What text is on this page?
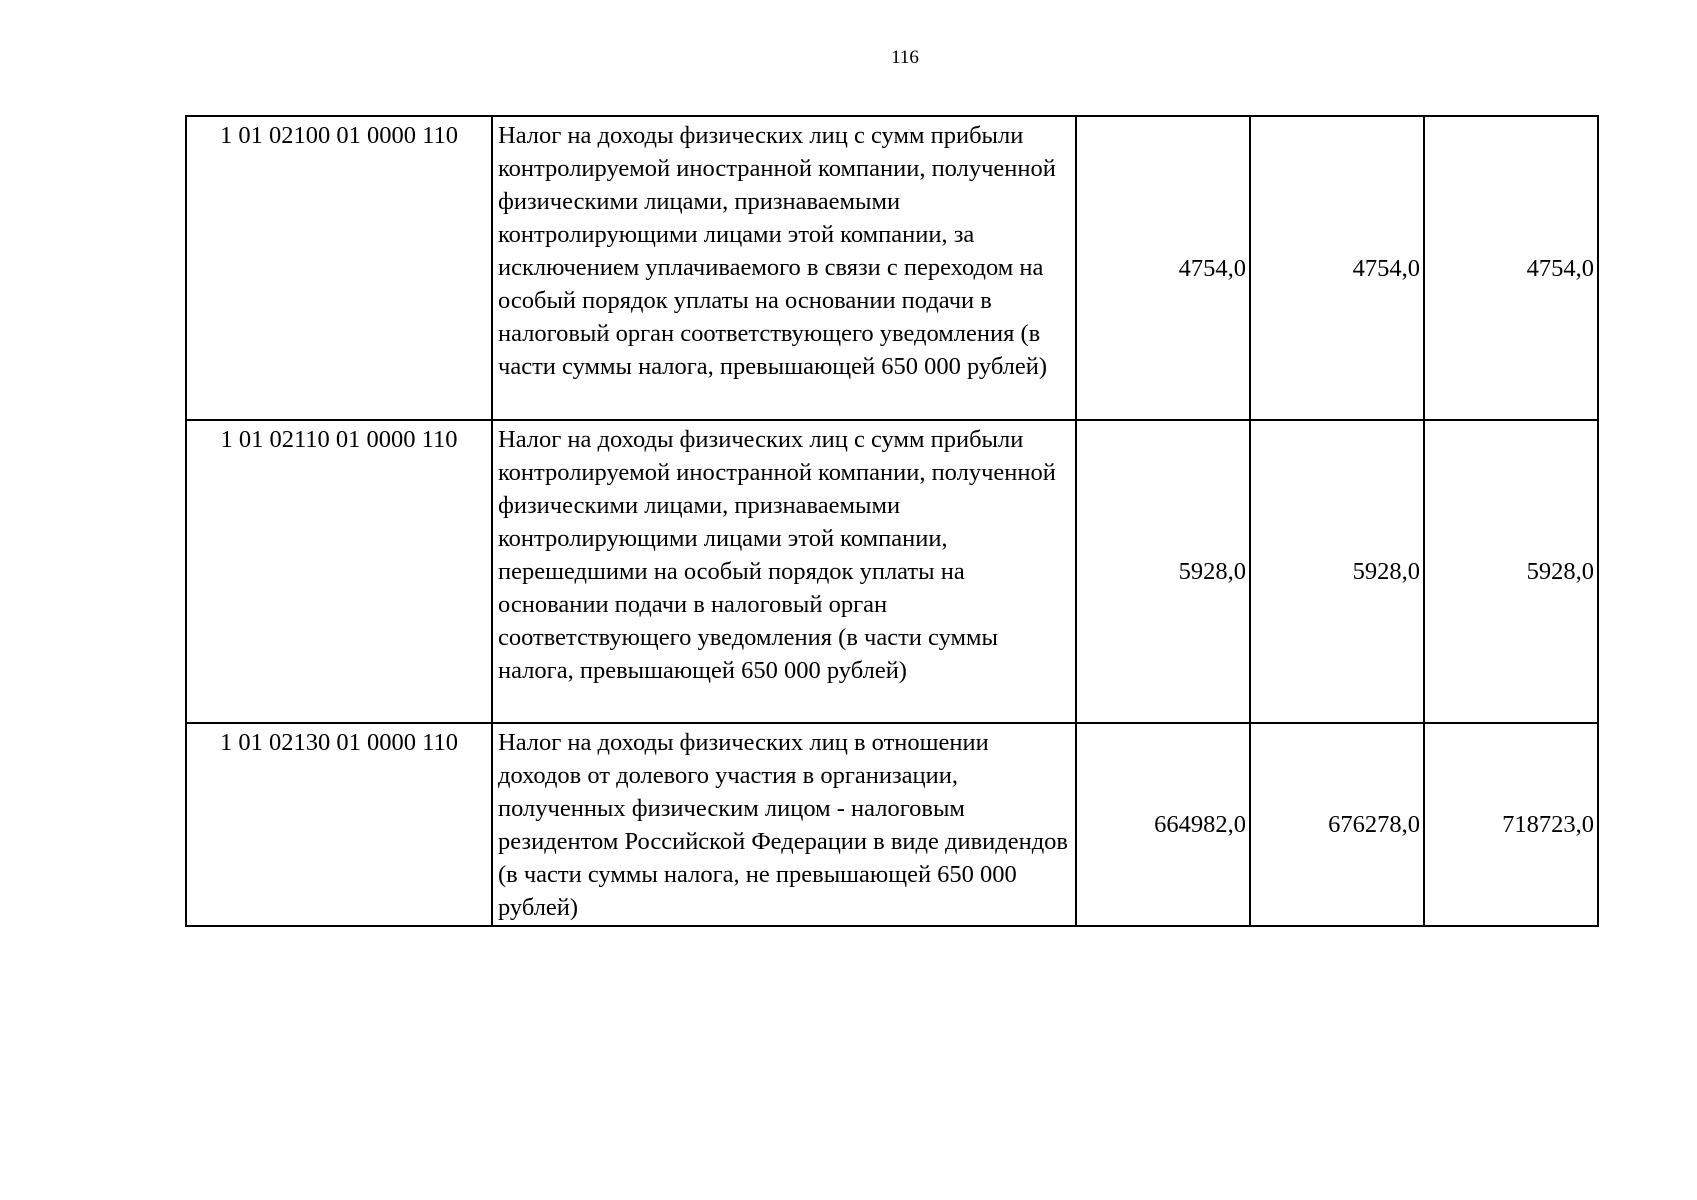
116
1 01 02100 01 0000 110	Налог на доходы физических лиц с сумм прибыли контролируемой иностранной компании, полученной физическими лицами, признаваемыми контролирующими лицами этой компании, за исключением уплачиваемого в связи с переходом на особый порядок уплаты на основании подачи в налоговый орган соответствующего уведомления (в части суммы налога, превышающей 650 000 рублей)	4754,0	4754,0	4754,0
1 01 02110 01 0000 110	Налог на доходы физических лиц с сумм прибыли контролируемой иностранной компании, полученной физическими лицами, признаваемыми контролирующими лицами этой компании, перешедшими на особый порядок уплаты на основании подачи в налоговый орган соответствующего уведомления (в части суммы налога, превышающей 650 000 рублей)	5928,0	5928,0	5928,0
1 01 02130 01 0000 110	Налог на доходы физических лиц в отношении доходов от долевого участия в организации, полученных физическим лицом - налоговым резидентом Российской Федерации в виде дивидендов (в части суммы налога, не превышающей 650 000 рублей)	664982,0	676278,0	718723,0
